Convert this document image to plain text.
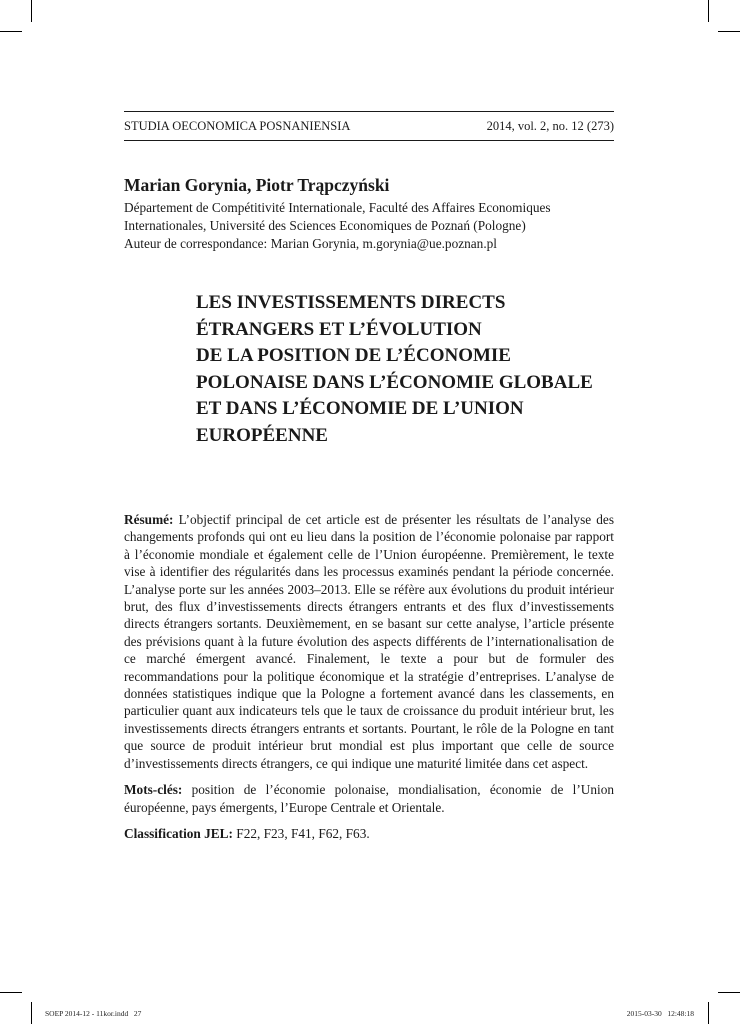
STUDIA OECONOMICA POSNANIENSIA	2014, vol. 2, no. 12 (273)
Marian Gorynia, Piotr Trąpczyński
Département de Compétitivité Internationale, Faculté des Affaires Economiques
Internationales, Université des Sciences Economiques de Poznań (Pologne)
Auteur de correspondance: Marian Gorynia, m.gorynia@ue.poznan.pl
LES INVESTISSEMENTS DIRECTS
ÉTRANGERS ET L’ÉVOLUTION
DE LA POSITION DE L’ÉCONOMIE
POLONAISE DANS L’ÉCONOMIE GLOBALE
ET DANS L’ÉCONOMIE DE L’UNION
EUROPÉENNE

Résumé: L’objectif principal de cet article est de présenter les résultats de l’analyse des changements profonds qui ont eu lieu dans la position de l’économie polonaise par rapport à l’économie mondiale et également celle de l’Union éuropéenne. Premièrement, le texte vise à identifier des régularités dans les processus examinés pendant la période concernée. L’analyse porte sur les années 2003–2013. Elle se réfère aux évolutions du produit intérieur brut, des flux d’investissements directs étrangers entrants et des flux d’investissements directs étrangers sortants. Deuxièmement, en se basant sur cette analyse, l’article présente des prévisions quant à la future évolution des aspects différents de l’internationalisation de ce marché émergent avancé. Finalement, le texte a pour but de formuler des recommandations pour la politique économique et la stratégie d’entreprises. L’analyse de données statistiques indique que la Pologne a fortement avancé dans les classements, en particulier quant aux indicateurs tels que le taux de croissance du produit intérieur brut, les investissements directs étrangers entrants et sortants. Pourtant, le rôle de la Pologne en tant que source de produit intérieur brut mondial est plus important que celle de source d’investissements directs étrangers, ce qui indique une maturité limitée dans cet aspect.

Mots-clés: position de l’économie polonaise, mondialisation, économie de l’Union éuropéenne, pays émergents, l’Europe Centrale et Orientale.

Classification JEL: F22, F23, F41, F62, F63.

SOEP 2014-12 - 11kor.indd   27	2015-03-30   12:48:18
